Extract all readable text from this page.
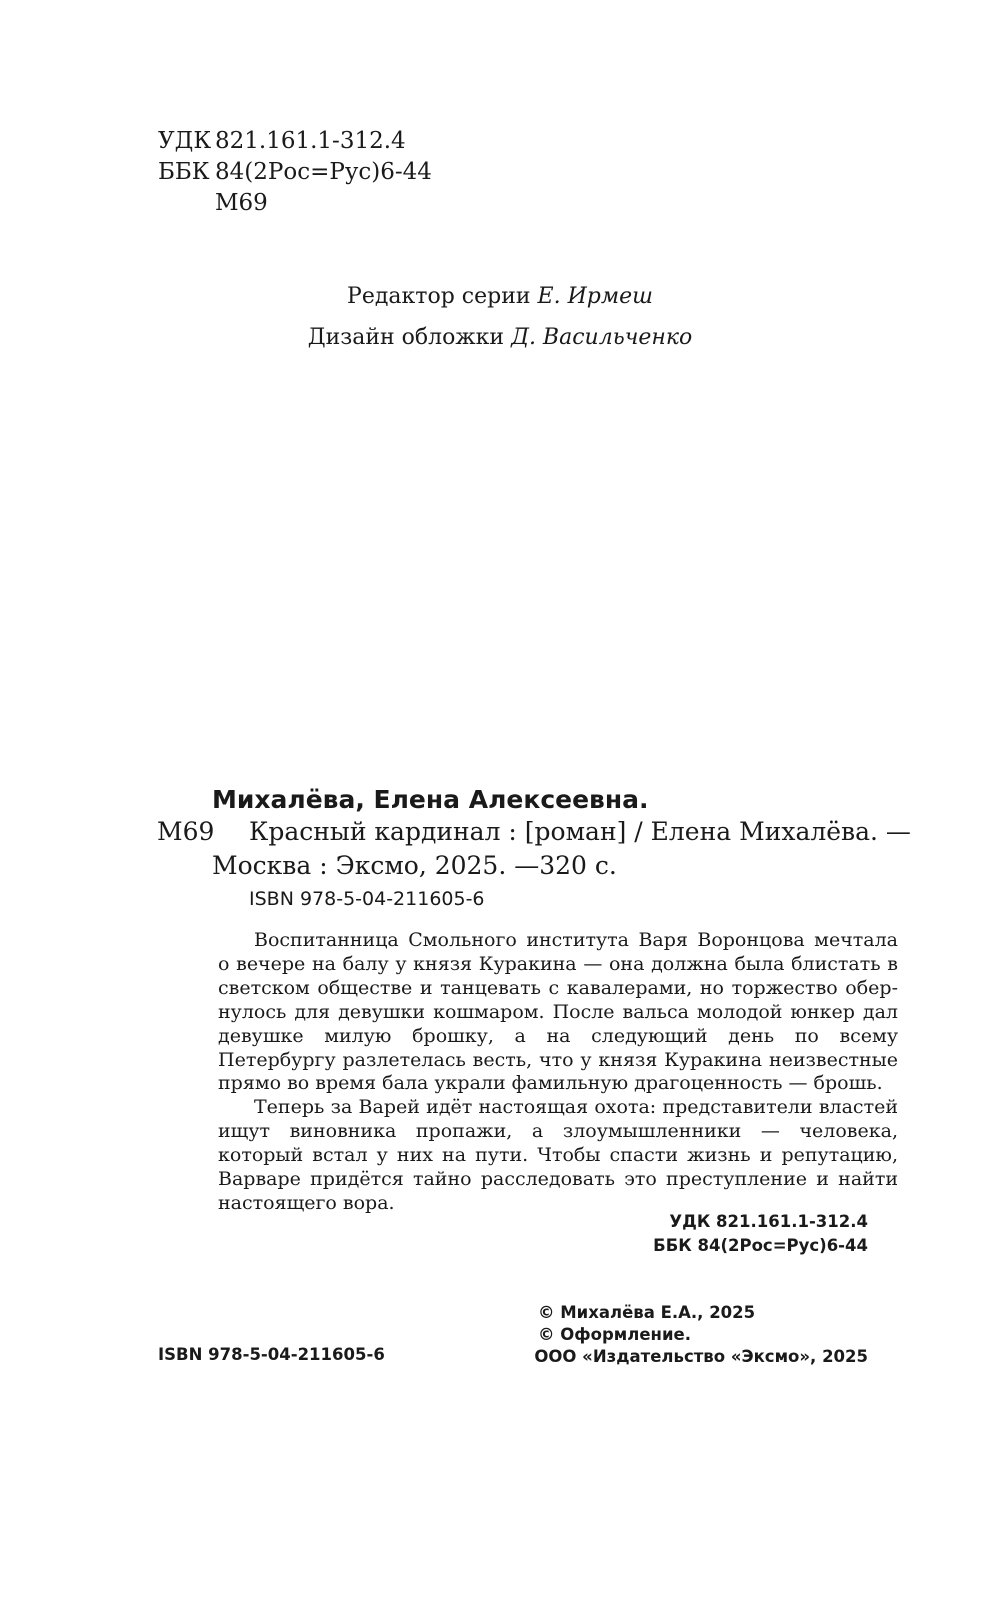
УДК 821.161.1-312.4
ББК 84(2Рос=Рус)6-44
М69
Редактор серии Е. Ирмеш
Дизайн обложки Д. Васильченко
Михалёва, Елена Алексеевна.
М69 Красный кардинал : [роман] / Елена Михалёва. —
Москва : Эксмо, 2025. —320 с.
ISBN 978-5-04-211605-6

Воспитанница Смольного института Варя Воронцова мечтала о вечере на балу у князя Куракина — она должна была блистать в светском обществе и танцевать с кавалерами, но торжество обернулось для девушки кошмаром. После вальса молодой юнкер дал девушке милую брошку, а на следующий день по всему Петербургу разлетелась весть, что у князя Куракина неизвестные прямо во время бала украли фамильную драгоценность — брошь.

Теперь за Варей идёт настоящая охота: представители властей ищут виновника пропажи, а злоумышленники — человека, который встал у них на пути. Чтобы спасти жизнь и репутацию, Варваре придётся тайно расследовать это преступление и найти настоящего вора.

УДК 821.161.1-312.4
ББК 84(2Рос=Рус)6-44
ISBN 978-5-04-211605-6
© Михалёва Е.А., 2025
© Оформление.
ООО «Издательство «Эксмо», 2025
